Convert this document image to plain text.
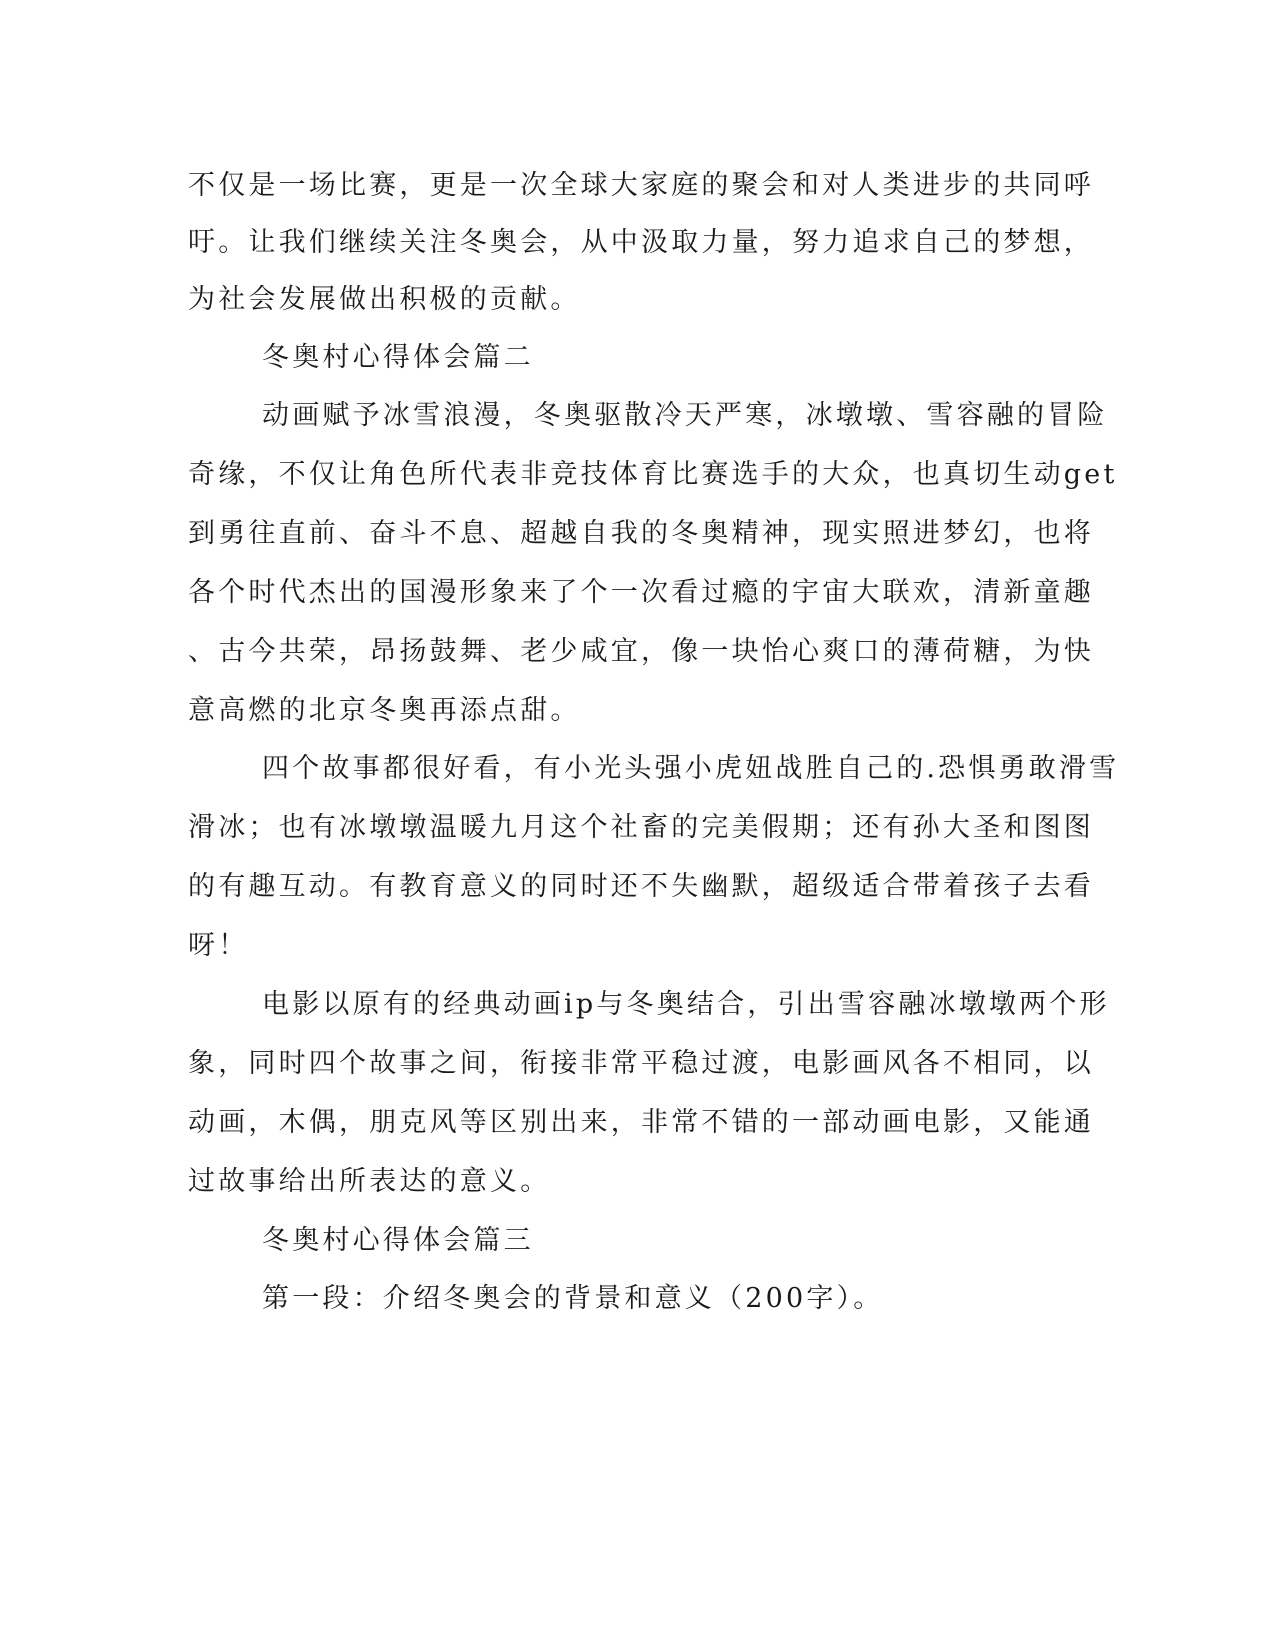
不仅是一场比赛，更是一次全球大家庭的聚会和对人类进步的共同呼
吁。让我们继续关注冬奥会，从中汲取力量，努力追求自己的梦想，
为社会发展做出积极的贡献。
冬奥村心得体会篇二
动画赋予冰雪浪漫，冬奥驱散冷天严寒，冰墩墩、雪容融的冒险
奇缘，不仅让角色所代表非竞技体育比赛选手的大众，也真切生动get
到勇往直前、奋斗不息、超越自我的冬奥精神，现实照进梦幻，也将
各个时代杰出的国漫形象来了个一次看过瘾的宇宙大联欢，清新童趣
、古今共荣，昂扬鼓舞、老少咸宜，像一块怡心爽口的薄荷糖，为快
意高燃的北京冬奥再添点甜。
四个故事都很好看，有小光头强小虎妞战胜自己的.恐惧勇敢滑雪
滑冰；也有冰墩墩温暖九月这个社畜的完美假期；还有孙大圣和图图
的有趣互动。有教育意义的同时还不失幽默，超级适合带着孩子去看
呀！
电影以原有的经典动画ip与冬奥结合，引出雪容融冰墩墩两个形
象，同时四个故事之间，衔接非常平稳过渡，电影画风各不相同，以
动画，木偶，朋克风等区别出来，非常不错的一部动画电影，又能通
过故事给出所表达的意义。
冬奥村心得体会篇三
第一段：介绍冬奥会的背景和意义（200字）。
